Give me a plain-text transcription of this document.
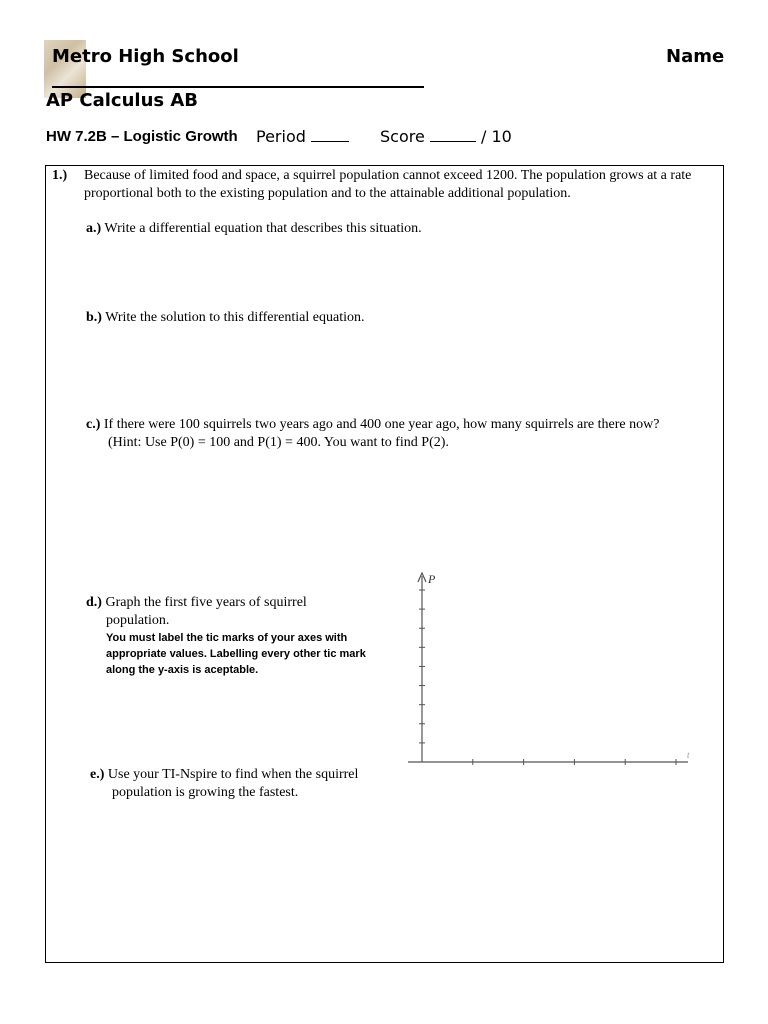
Metro High School	Name
AP Calculus AB
HW 7.2B – Logistic Growth Period	Score	/ 10
1.) Because of limited food and space, a squirrel population cannot exceed 1200. The population grows at a rate proportional both to the existing population and to the attainable additional population.
a.) Write a differential equation that describes this situation.
b.) Write the solution to this differential equation.
c.) If there were 100 squirrels two years ago and 400 one year ago, how many squirrels are there now?
(Hint: Use P(0) = 100 and P(1) = 400. You want to find P(2).
d.) Graph the first five years of squirrel
population.
You must label the tic marks of your axes with appropriate values. Labelling every other tic mark along the y-axis is aceptable.
e.) Use your TI-Nspire to find when the squirrel
population is growing the fastest.
P
t
